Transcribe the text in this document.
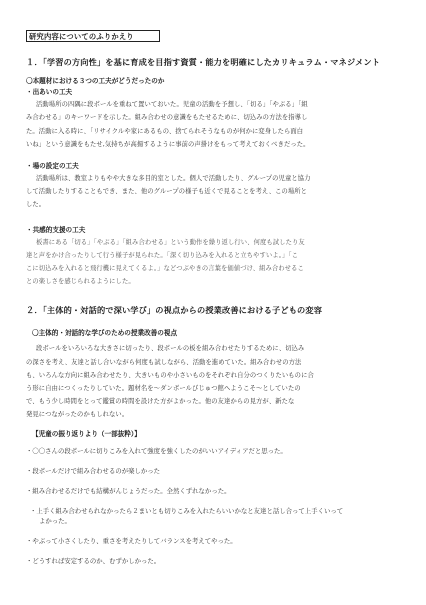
研究内容についてのふりかえり
１．「学習の方向性」を基に育成を目指す資質・能力を明確にしたカリキュラム・マネジメント
〇本題材における３つの工夫がどうだったのか
・出あいの工夫
活動場所の四隅に段ボールを重ねて置いておいた。児童の活動を予想し、「切る」「やぶる」「組
み合わせる」のキーワードを示した。組み合わせの意識をもたせるために、切込みの方法を指導し
た。活動に入る時に、「リサイクルや家にあるもの、捨てられそうなものが何かに変身したら面白
いね」という意識をもたせ,気持ちが高揚するように事前の声掛けをもって考えておくべきだった。
・場の設定の工夫
活動場所は、教室よりもやや大きな多目的室とした。個人で活動したり、グループの児童と協力
して活動したりすることもでき、また、他のグループの様子も近くで見ることを考え、この場所と
した。
・共感的支援の工夫
板書にある「切る」「やぶる」「組み合わせる」という動作を繰り返し行い、何度も試したり友
達と声をかけ合ったりして行う様子が見られた。「深く切り込みを入れると立ちやすいよ。」「こ
こに切込みを入れると飛行機に見えてくるよ。」などつぶやきの言葉を価値づけ、組み合わせるこ
との楽しさを感じられるようにした。
２．「主体的・対話的で深い学び」の視点からの授業改善における子どもの変容
〇主体的・対話的な学びのための授業改善の視点
段ボールをいろいろな大きさに切ったり、段ボールの板を組み合わせたりするために、切込み
の深さを考え、友達と話し合いながら何度も試しながら、活動を進めていた。組み合わせの方法
も、いろんな方向に組み合わせたり、大きいものや小さいものをそれぞれ自分のつくりたいものに合
う形に自由につくったりしていた。題材名を～ダンボールびじゅつ館へようこそ～としていたの
で、もう少し時間をとって鑑賞の時間を設けた方がよかった。他の友達からの見方が、新たな
発見につながったのかもしれない。
【児童の振り返りより（一部抜粋）】
・〇〇さんの段ボールに切りこみを入れて強度を強くしたのがいいアイディアだと思った。
・段ボールだけで組み合わせるのが楽しかった
・組み合わせるだけでも結構がんじょうだった。全然くずれなかった。
・上手く組み合わせられなかったら２まいとも切りこみを入れたらいいかなと友達と話し合って上手くいって
よかった。
・やぶって小さくしたり、重さを考えたりしてバランスを考えてやった。
・どうすれば安定するのか、むずかしかった。
